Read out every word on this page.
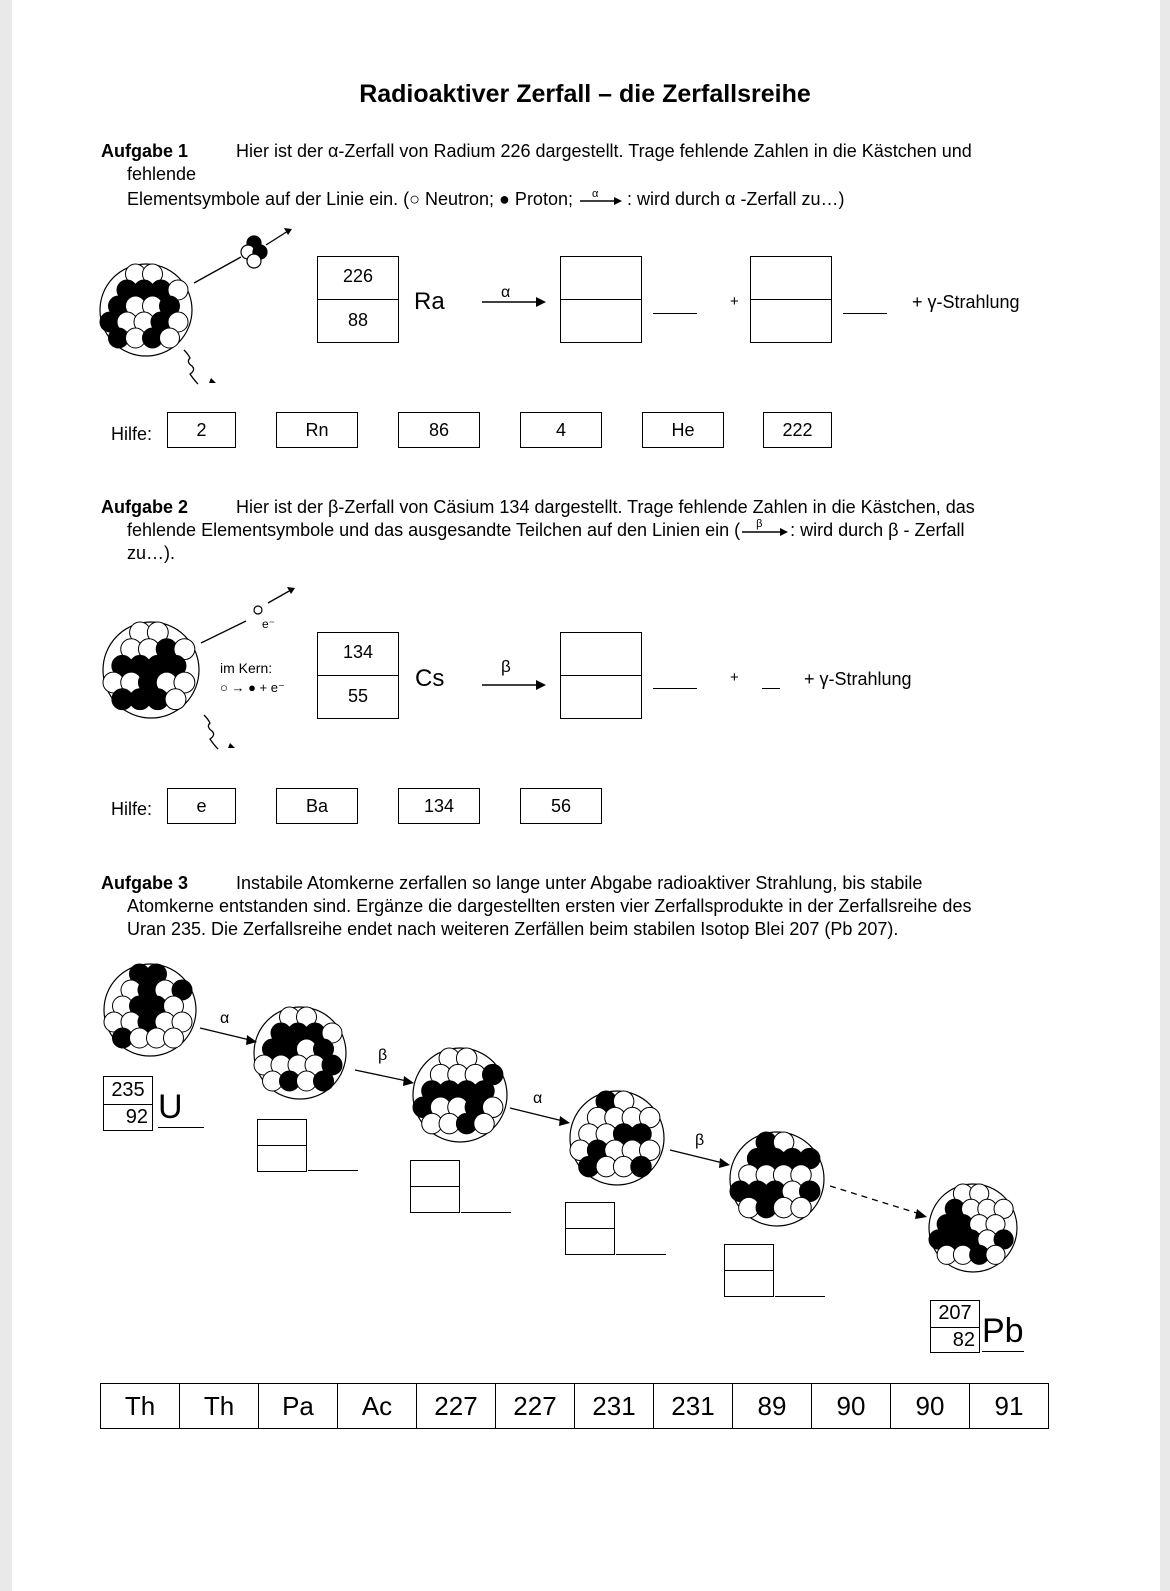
Radioaktiver Zerfall – die Zerfallsreihe
Aufgabe 1	Hier ist der α-Zerfall von Radium 226 dargestellt. Trage fehlende Zahlen in die Kästchen und
fehlende
Elementsymbole auf der Linie ein. (○ Neutron; ● Proton; α : wird durch α -Zerfall zu…)
226
88
Ra	α
+	+ γ-Strahlung
Hilfe:	2	Rn	86	4	He	222
Aufgabe 2	Hier ist der β-Zerfall von Cäsium 134 dargestellt. Trage fehlende Zahlen in die Kästchen, das
fehlende Elementsymbole und das ausgesandte Teilchen auf den Linien ein ( β : wird durch β - Zerfall
zu…).
e⁻
im Kern:
○ → ● + e⁻
134
55
Cs	β
+	+ γ-Strahlung
Hilfe:	e	Ba	134	56
Aufgabe 3	Instabile Atomkerne zerfallen so lange unter Abgabe radioaktiver Strahlung, bis stabile
Atomkerne entstanden sind. Ergänze die dargestellten ersten vier Zerfallsprodukte in der Zerfallsreihe des
Uran 235. Die Zerfallsreihe endet nach weiteren Zerfällen beim stabilen Isotop Blei 207 (Pb 207).
α
β
α
β
235
92 U
207
82 Pb
Th	Th	Pa	Ac	227	227	231	231	89	90	90	91
